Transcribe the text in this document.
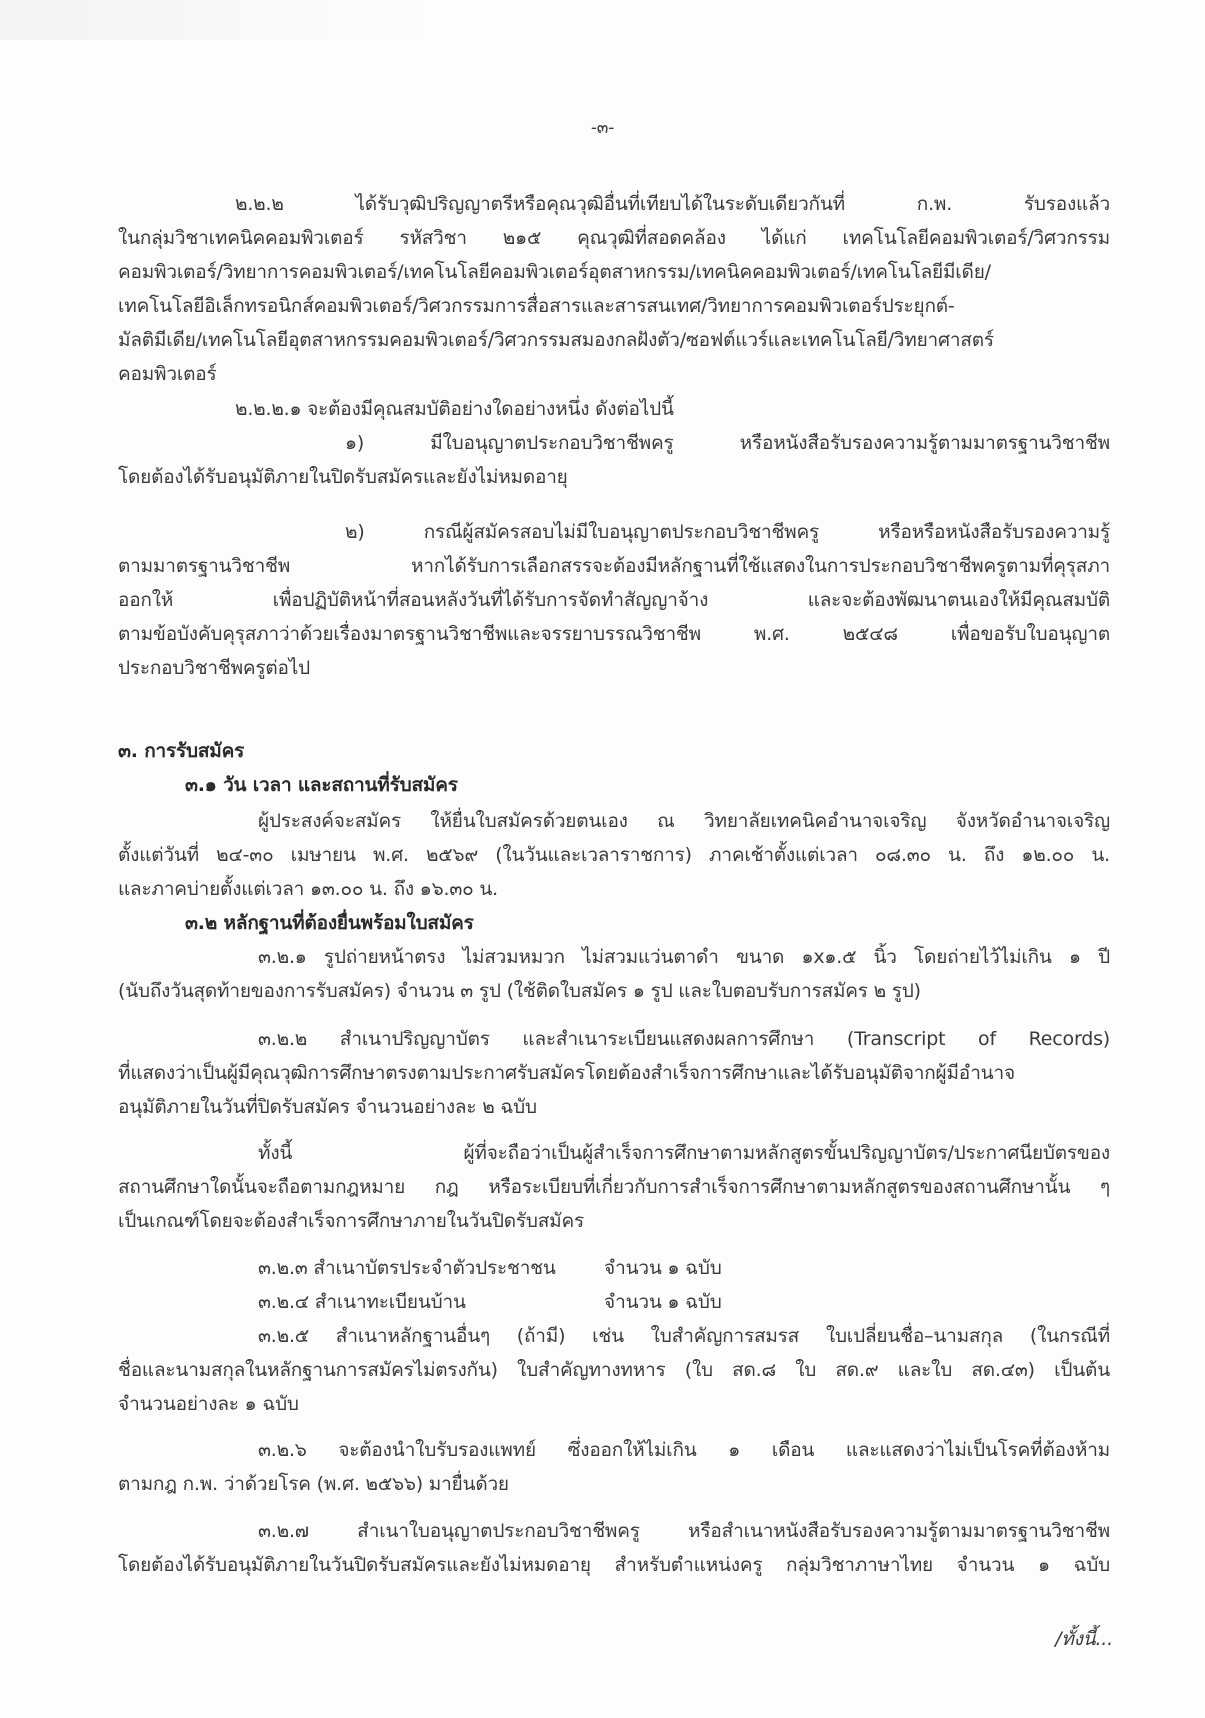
-๓-
๒.๒.๒ ได้รับวุฒิปริญญาตรีหรือคุณวุฒิอื่นที่เทียบได้ในระดับเดียวกันที่ ก.พ. รับรองแล้ว
ในกลุ่มวิชาเทคนิคคอมพิวเตอร์ รหัสวิชา ๒๑๕ คุณวุฒิที่สอดคล้อง ได้แก่ เทคโนโลยีคอมพิวเตอร์/วิศวกรรม
คอมพิวเตอร์/วิทยาการคอมพิวเตอร์/เทคโนโลยีคอมพิวเตอร์อุตสาหกรรม/เทคนิคคอมพิวเตอร์/เทคโนโลยีมีเดีย/
เทคโนโลยีอิเล็กทรอนิกส์คอมพิวเตอร์/วิศวกรรมการสื่อสารและสารสนเทศ/วิทยาการคอมพิวเตอร์ประยุกต์-
มัลติมีเดีย/เทคโนโลยีอุตสาหกรรมคอมพิวเตอร์/วิศวกรรมสมองกลฝังตัว/ซอฟต์แวร์และเทคโนโลยี/วิทยาศาสตร์
คอมพิวเตอร์
๒.๒.๒.๑ จะต้องมีคุณสมบัติอย่างใดอย่างหนึ่ง ดังต่อไปนี้
๑) มีใบอนุญาตประกอบวิชาชีพครู หรือหนังสือรับรองความรู้ตามมาตรฐานวิชาชีพ
โดยต้องได้รับอนุมัติภายในปิดรับสมัครและยังไม่หมดอายุ
๒) กรณีผู้สมัครสอบไม่มีใบอนุญาตประกอบวิชาชีพครู หรือหรือหนังสือรับรองความรู้
ตามมาตรฐานวิชาชีพ หากได้รับการเลือกสรรจะต้องมีหลักฐานที่ใช้แสดงในการประกอบวิชาชีพครูตามที่คุรุสภา
ออกให้ เพื่อปฏิบัติหน้าที่สอนหลังวันที่ได้รับการจัดทำสัญญาจ้าง และจะต้องพัฒนาตนเองให้มีคุณสมบัติ
ตามข้อบังคับคุรุสภาว่าด้วยเรื่องมาตรฐานวิชาชีพและจรรยาบรรณวิชาชีพ พ.ศ. ๒๕๔๘ เพื่อขอรับใบอนุญาต
ประกอบวิชาชีพครูต่อไป
๓. การรับสมัคร
๓.๑ วัน เวลา และสถานที่รับสมัคร
ผู้ประสงค์จะสมัคร ให้ยื่นใบสมัครด้วยตนเอง ณ วิทยาลัยเทคนิคอำนาจเจริญ จังหวัดอำนาจเจริญ
ตั้งแต่วันที่ ๒๔-๓๐ เมษายน พ.ศ. ๒๕๖๙ (ในวันและเวลาราชการ) ภาคเช้าตั้งแต่เวลา ๐๘.๓๐ น. ถึง ๑๒.๐๐ น.
และภาคบ่ายตั้งแต่เวลา ๑๓.๐๐ น. ถึง ๑๖.๓๐ น.
๓.๒ หลักฐานที่ต้องยื่นพร้อมใบสมัคร
๓.๒.๑ รูปถ่ายหน้าตรง ไม่สวมหมวก ไม่สวมแว่นตาดำ ขนาด ๑x๑.๕ นิ้ว โดยถ่ายไว้ไม่เกิน ๑ ปี
(นับถึงวันสุดท้ายของการรับสมัคร) จำนวน ๓ รูป (ใช้ติดใบสมัคร ๑ รูป และใบตอบรับการสมัคร ๒ รูป)
๓.๒.๒ สำเนาปริญญาบัตร และสำเนาระเบียนแสดงผลการศึกษา (Transcript of Records)
ที่แสดงว่าเป็นผู้มีคุณวุฒิการศึกษาตรงตามประกาศรับสมัครโดยต้องสำเร็จการศึกษาและได้รับอนุมัติจากผู้มีอำนาจ
อนุมัติภายในวันที่ปิดรับสมัคร จำนวนอย่างละ ๒ ฉบับ
ทั้งนี้ ผู้ที่จะถือว่าเป็นผู้สำเร็จการศึกษาตามหลักสูตรขั้นปริญญาบัตร/ประกาศนียบัตรของ
สถานศึกษาใดนั้นจะถือตามกฎหมาย กฎ หรือระเบียบที่เกี่ยวกับการสำเร็จการศึกษาตามหลักสูตรของสถานศึกษานั้น ๆ
เป็นเกณฑ์โดยจะต้องสำเร็จการศึกษาภายในวันปิดรับสมัคร
๓.๒.๓ สำเนาบัตรประจำตัวประชาชน	จำนวน ๑ ฉบับ
๓.๒.๔ สำเนาทะเบียนบ้าน	จำนวน ๑ ฉบับ
๓.๒.๕ สำเนาหลักฐานอื่นๆ (ถ้ามี) เช่น ใบสำคัญการสมรส ใบเปลี่ยนชื่อ–นามสกุล (ในกรณีที่
ชื่อและนามสกุลในหลักฐานการสมัครไม่ตรงกัน) ใบสำคัญทางทหาร (ใบ สด.๘ ใบ สด.๙ และใบ สด.๔๓) เป็นต้น
จำนวนอย่างละ ๑ ฉบับ
๓.๒.๖ จะต้องนำใบรับรองแพทย์ ซึ่งออกให้ไม่เกิน ๑ เดือน และแสดงว่าไม่เป็นโรคที่ต้องห้าม
ตามกฎ ก.พ. ว่าด้วยโรค (พ.ศ. ๒๕๖๖) มายื่นด้วย
๓.๒.๗ สำเนาใบอนุญาตประกอบวิชาชีพครู หรือสำเนาหนังสือรับรองความรู้ตามมาตรฐานวิชาชีพ
โดยต้องได้รับอนุมัติภายในวันปิดรับสมัครและยังไม่หมดอายุ สำหรับตำแหน่งครู กลุ่มวิชาภาษาไทย จำนวน ๑ ฉบับ
/ทั้งนี้...
